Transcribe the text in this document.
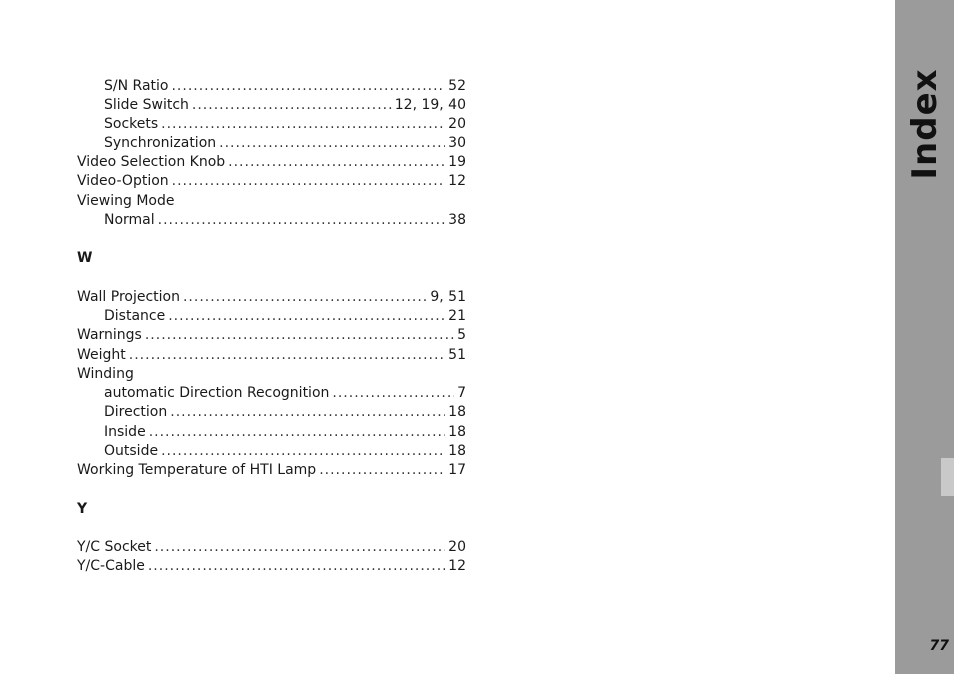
S/N Ratio .....	52
Slide Switch .....	12, 19, 40
Sockets .....	20
Synchronization .....	30
Video Selection Knob .....	19
Video-Option .....	12
Viewing Mode
Normal .....	38
W
Wall Projection .....	9, 51
Distance .....	21
Warnings .....	5
Weight .....	51
Winding
automatic Direction Recognition .....	7
Direction .....	18
Inside .....	18
Outside .....	18
Working Temperature of HTI Lamp .....	17
Y
Y/C Socket .....	20
Y/C-Cable .....	12
Index
77
